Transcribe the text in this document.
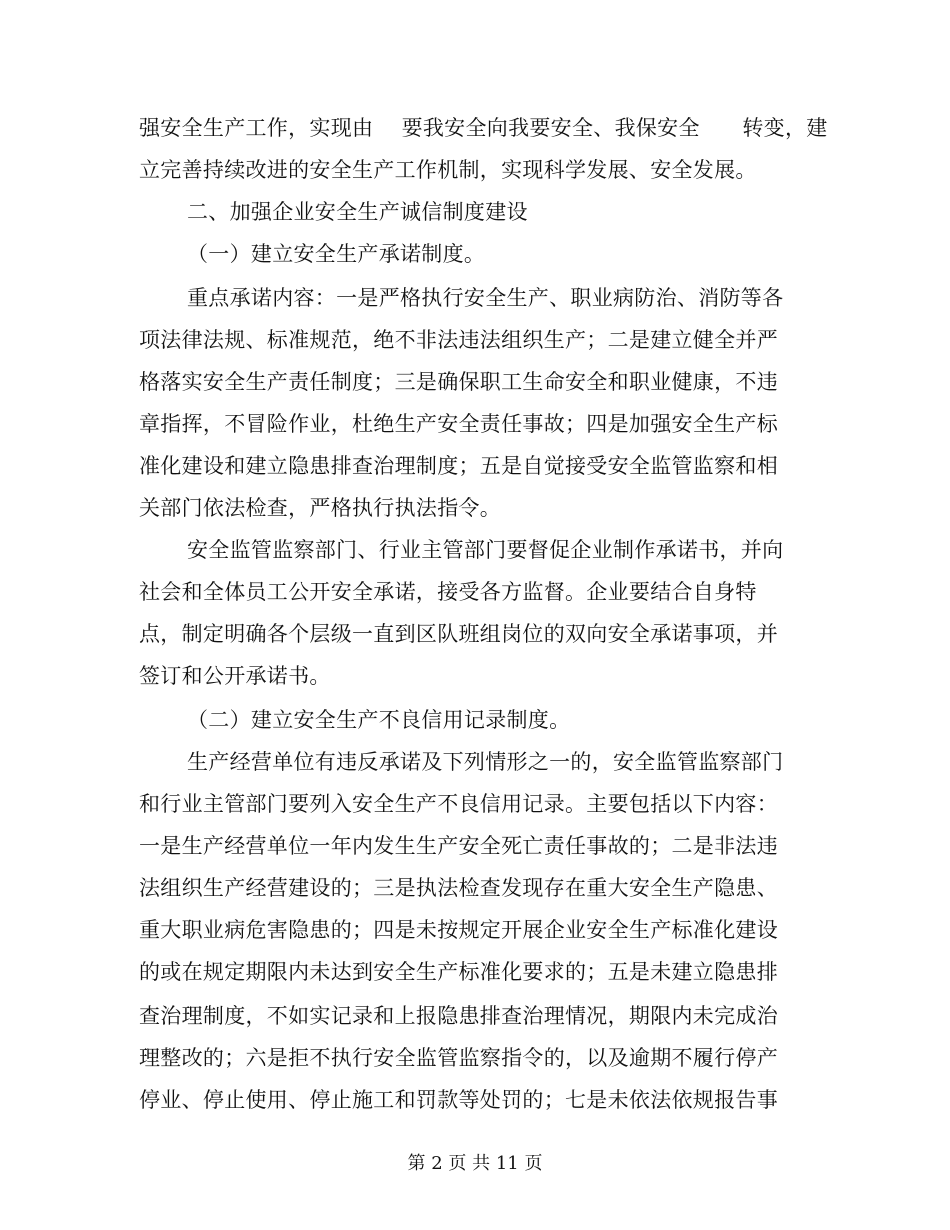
强安全生产工作，实现由　 要我安全向我要安全、我保安全　　转变，建
立完善持续改进的安全生产工作机制，实现科学发展、安全发展。
二、加强企业安全生产诚信制度建设
（一）建立安全生产承诺制度。
重点承诺内容：一是严格执行安全生产、职业病防治、消防等各
项法律法规、标准规范，绝不非法违法组织生产；二是建立健全并严
格落实安全生产责任制度；三是确保职工生命安全和职业健康，不违
章指挥，不冒险作业，杜绝生产安全责任事故；四是加强安全生产标
准化建设和建立隐患排查治理制度；五是自觉接受安全监管监察和相
关部门依法检查，严格执行执法指令。
安全监管监察部门、行业主管部门要督促企业制作承诺书，并向
社会和全体员工公开安全承诺，接受各方监督。企业要结合自身特
点，制定明确各个层级一直到区队班组岗位的双向安全承诺事项，并
签订和公开承诺书。
（二）建立安全生产不良信用记录制度。
生产经营单位有违反承诺及下列情形之一的，安全监管监察部门
和行业主管部门要列入安全生产不良信用记录。主要包括以下内容：
一是生产经营单位一年内发生生产安全死亡责任事故的；二是非法违
法组织生产经营建设的；三是执法检查发现存在重大安全生产隐患、
重大职业病危害隐患的；四是未按规定开展企业安全生产标准化建设
的或在规定期限内未达到安全生产标准化要求的；五是未建立隐患排
查治理制度，不如实记录和上报隐患排查治理情况，期限内未完成治
理整改的；六是拒不执行安全监管监察指令的，以及逾期不履行停产
停业、停止使用、停止施工和罚款等处罚的；七是未依法依规报告事
第 2 页 共 11 页
